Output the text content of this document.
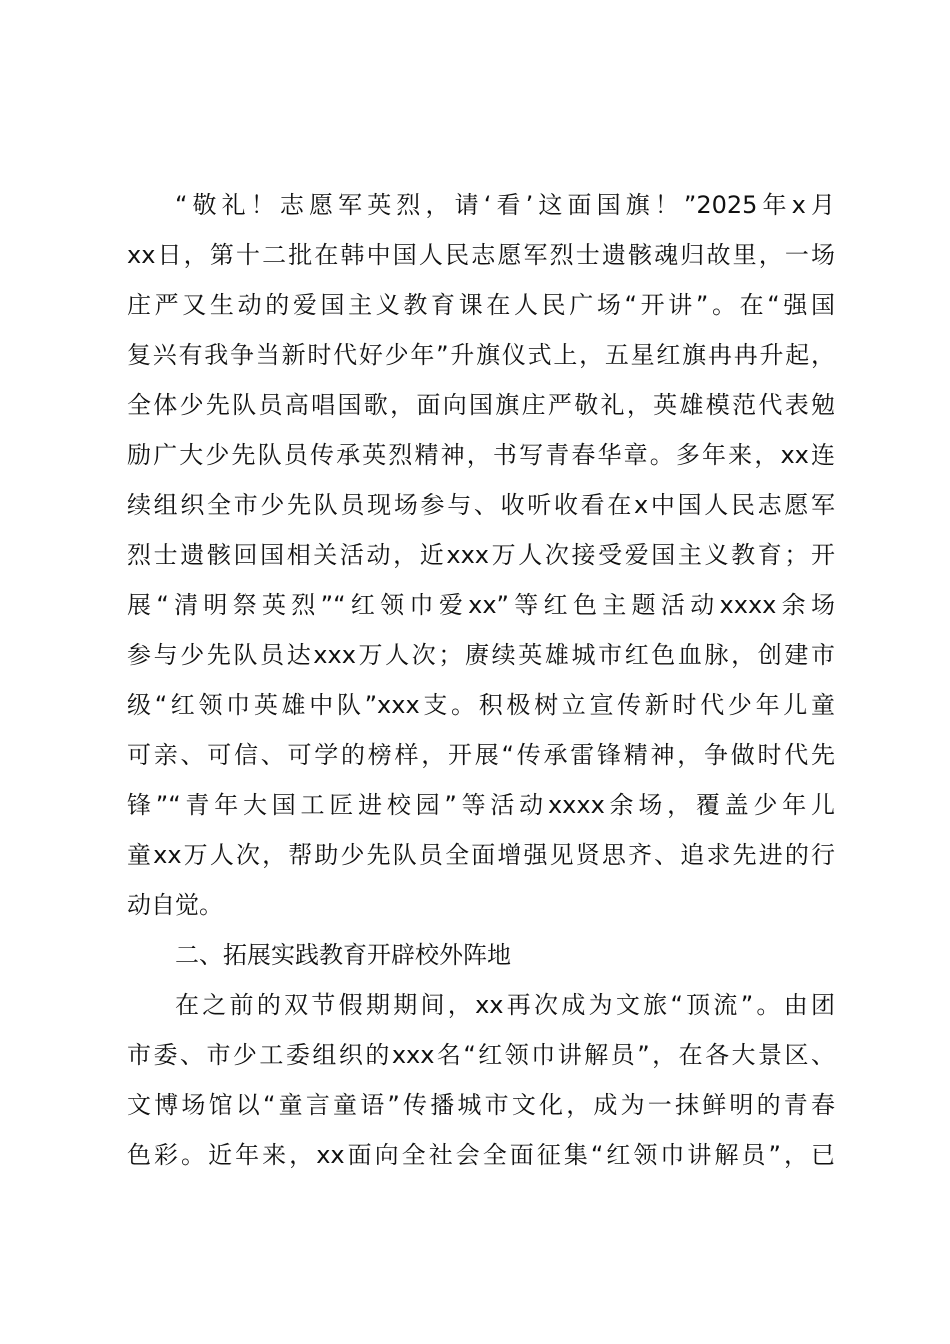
“敬礼！志愿军英烈，请‘看’这面国旗！”2025年x月
xx日，第十二批在韩中国人民志愿军烈士遗骸魂归故里，一场
庄严又生动的爱国主义教育课在人民广场“开讲”。在“强国
复兴有我争当新时代好少年”升旗仪式上，五星红旗冉冉升起，
全体少先队员高唱国歌，面向国旗庄严敬礼，英雄模范代表勉
励广大少先队员传承英烈精神，书写青春华章。多年来，xx连
续组织全市少先队员现场参与、收听收看在x中国人民志愿军
烈士遗骸回国相关活动，近xxx万人次接受爱国主义教育；开
展“清明祭英烈”“红领巾爱xx”等红色主题活动xxxx余场
参与少先队员达xxx万人次；赓续英雄城市红色血脉，创建市
级“红领巾英雄中队”xxx支。积极树立宣传新时代少年儿童
可亲、可信、可学的榜样，开展“传承雷锋精神，争做时代先
锋”“青年大国工匠进校园”等活动xxxx余场，覆盖少年儿
童xx万人次，帮助少先队员全面增强见贤思齐、追求先进的行
动自觉。
二、拓展实践教育开辟校外阵地
在之前的双节假期期间，xx再次成为文旅“顶流”。由团
市委、市少工委组织的xxx名“红领巾讲解员”，在各大景区、
文博场馆以“童言童语”传播城市文化，成为一抹鲜明的青春
色彩。近年来，xx面向全社会全面征集“红领巾讲解员”，已
